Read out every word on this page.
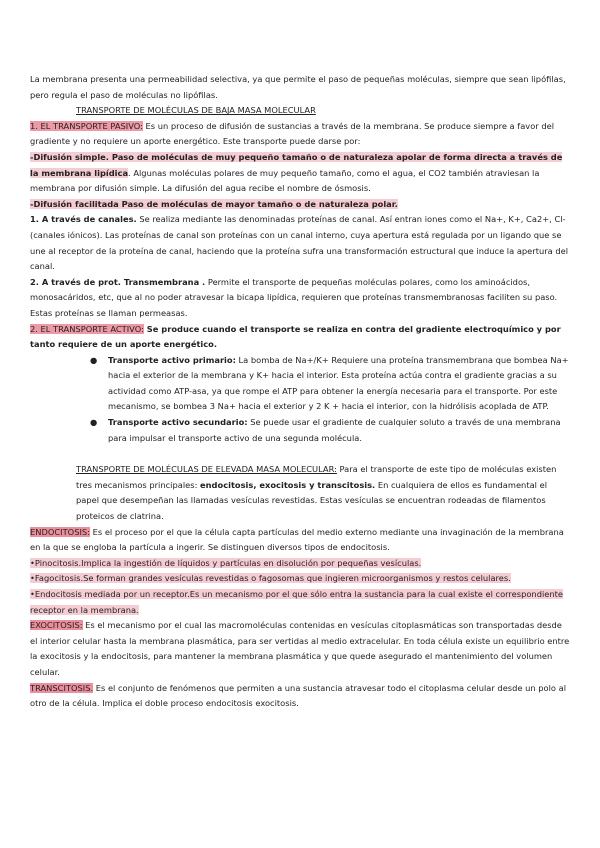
La membrana presenta una permeabilidad selectiva, ya que permite el paso de pequeñas moléculas, siempre que sean lipófilas, pero regula el paso de moléculas no lipófilas.

TRANSPORTE DE MOLÉCULAS DE BAJA MASA MOLECULAR

1. EL TRANSPORTE PASIVO: Es un proceso de difusión de sustancias a través de la membrana. Se produce siempre a favor del gradiente y no requiere un aporte energético. Este transporte puede darse por:

-Difusión simple. Paso de moléculas de muy pequeño tamaño o de naturaleza apolar de forma directa a través de la membrana lipídica. Algunas moléculas polares de muy pequeño tamaño, como el agua, el CO2 también atraviesan la membrana por difusión simple. La difusión del agua recibe el nombre de ósmosis.

-Difusión facilitada Paso de moléculas de mayor tamaño o de naturaleza polar.

1. A través de canales. Se realiza mediante las denominadas proteínas de canal. Así entran iones como el Na+, K+, Ca2+, Cl- (canales iónicos). Las proteínas de canal son proteínas con un canal interno, cuya apertura está regulada por un ligando que se une al receptor de la proteína de canal, haciendo que la proteína sufra una transformación estructural que induce la apertura del canal.

2. A través de prot. Transmembrana . Permite el transporte de pequeñas moléculas polares, como los aminoácidos, monosacáridos, etc, que al no poder atravesar la bicapa lipídica, requieren que proteínas transmembranosas faciliten su paso. Estas proteínas se llaman permeasas.

2. EL TRANSPORTE ACTIVO: Se produce cuando el transporte se realiza en contra del gradiente electroquímico y por tanto requiere de un aporte energético.

● Transporte activo primario: La bomba de Na+/K+ Requiere una proteína transmembrana que bombea Na+ hacia el exterior de la membrana y K+ hacia el interior. Esta proteína actúa contra el gradiente gracias a su actividad como ATP-asa, ya que rompe el ATP para obtener la energía necesaria para el transporte. Por este mecanismo, se bombea 3 Na+ hacia el exterior y 2 K + hacia el interior, con la hidrólisis acoplada de ATP.
● Transporte activo secundario: Se puede usar el gradiente de cualquier soluto a través de una membrana para impulsar el transporte activo de una segunda molécula.

TRANSPORTE DE MOLÉCULAS DE ELEVADA MASA MOLECULAR: Para el transporte de este tipo de moléculas existen tres mecanismos principales: endocitosis, exocitosis y transcitosis. En cualquiera de ellos es fundamental el papel que desempeñan las llamadas vesículas revestidas. Estas vesículas se encuentran rodeadas de filamentos proteicos de clatrina.

ENDOCITOSIS: Es el proceso por el que la célula capta partículas del medio externo mediante una invaginación de la membrana en la que se engloba la partícula a ingerir. Se distinguen diversos tipos de endocitosis.

•Pinocitosis.Implica la ingestión de líquidos y partículas en disolución por pequeñas vesículas.

•Fagocitosis.Se forman grandes vesículas revestidas o fagosomas que ingieren microorganismos y restos celulares.

•Endocitosis mediada por un receptor.Es un mecanismo por el que sólo entra la sustancia para la cual existe el correspondiente receptor en la membrana.

EXOCITOSIS: Es el mecanismo por el cual las macromoléculas contenidas en vesículas citoplasmáticas son transportadas desde el interior celular hasta la membrana plasmática, para ser vertidas al medio extracelular. En toda célula existe un equilibrio entre la exocitosis y la endocitosis, para mantener la membrana plasmática y que quede asegurado el mantenimiento del volumen celular.

TRANSCITOSIS. Es el conjunto de fenómenos que permiten a una sustancia atravesar todo el citoplasma celular desde un polo al otro de la célula. Implica el doble proceso endocitosis exocitosis.
